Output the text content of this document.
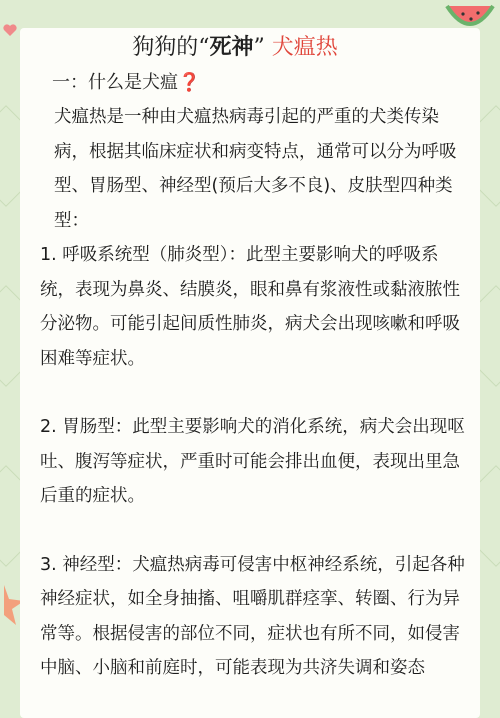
狗狗的“死神” 犬瘟热
一：什么是犬瘟❓

犬瘟热是一种由犬瘟热病毒引起的严重的犬类传染病，根据其临床症状和病变特点，通常可以分为呼吸型、胃肠型、神经型(预后大多不良)、皮肤型四种类型：

1. 呼吸系统型（肺炎型）：此型主要影响犬的呼吸系统，表现为鼻炎、结膜炎，眼和鼻有浆液性或黏液脓性分泌物。可能引起间质性肺炎，病犬会出现咳嗽和呼吸困难等症状。

2. 胃肠型：此型主要影响犬的消化系统，病犬会出现呕吐、腹泻等症状，严重时可能会排出血便，表现出里急后重的症状。

3. 神经型：犬瘟热病毒可侵害中枢神经系统，引起各种神经症状，如全身抽搐、咀嚼肌群痉挛、转圈、行为异常等。根据侵害的部位不同，症状也有所不同，如侵害中脑、小脑和前庭时，可能表现为共济失调和姿态
